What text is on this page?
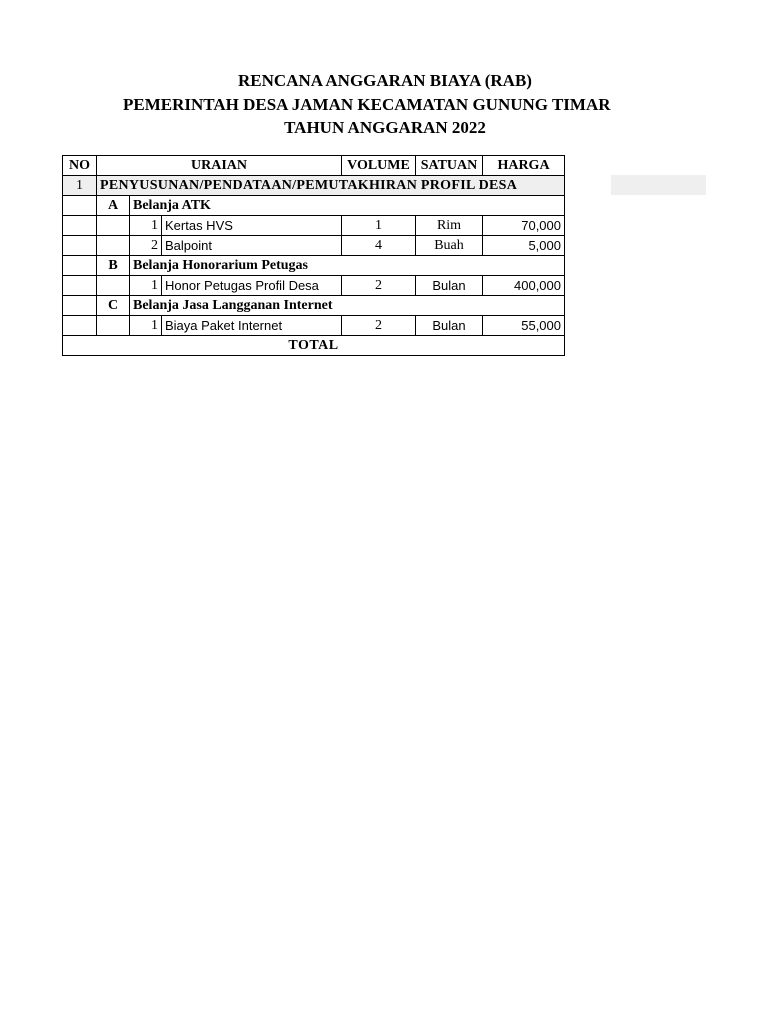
RENCANA ANGGARAN BIAYA (RAB)
PEMERINTAH DESA JAMAN KECAMATAN GUNUNG TIMAR
TAHUN ANGGARAN 2022
NO	URAIAN			VOLUME	SATUAN	HARGA
1	PENYUSUNAN/PENDATAAN/PEMUTAKHIRAN PROFIL DESA					
	A	Belanja ATK				
		1	Kertas HVS	1	Rim	70,000
		2	Balpoint	4	Buah	5,000
	B	Belanja Honorarium Petugas				
		1	Honor Petugas Profil Desa	2	Bulan	400,000
	C	Belanja Jasa Langganan Internet				
		1	Biaya Paket Internet	2	Bulan	55,000
TOTAL						
